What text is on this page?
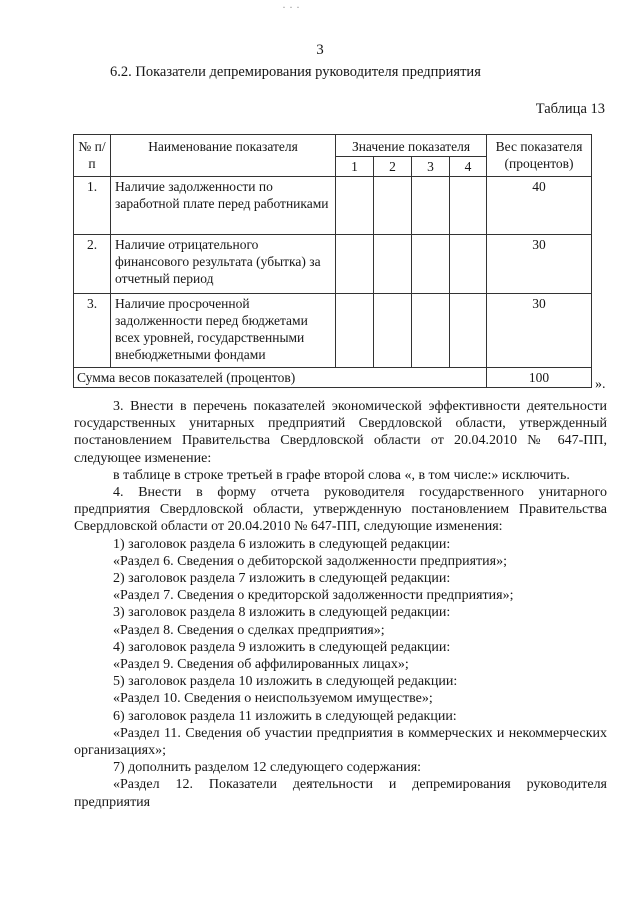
· · ·
3
6.2. Показатели депремирования руководителя предприятия
Таблица 13
№ п/п	Наименование показателя	Значение показателя				Вес показателя (процентов)
		1	2	3	4	
1.	Наличие задолженности по заработной плате перед работниками					40
2.	Наличие отрицательного финансового результата (убытка) за отчетный период					30
3.	Наличие просроченной задолженности перед бюджетами всех уровней, государственными внебюджетными фондами					30
Сумма весов показателей (процентов)						100	».

3. Внести в перечень показателей экономической эффективности деятельности государственных унитарных предприятий Свердловской области, утвержденный постановлением Правительства Свердловской области от 20.04.2010 № 647-ПП, следующее изменение:

в таблице в строке третьей в графе второй слова «, в том числе:» исключить.

4. Внести в форму отчета руководителя государственного унитарного предприятия Свердловской области, утвержденную постановлением Правительства Свердловской области от 20.04.2010 № 647-ПП, следующие изменения:

1) заголовок раздела 6 изложить в следующей редакции:

«Раздел 6. Сведения о дебиторской задолженности предприятия»;

2) заголовок раздела 7 изложить в следующей редакции:

«Раздел 7. Сведения о кредиторской задолженности предприятия»;

3) заголовок раздела 8 изложить в следующей редакции:

«Раздел 8. Сведения о сделках предприятия»;

4) заголовок раздела 9 изложить в следующей редакции:

«Раздел 9. Сведения об аффилированных лицах»;

5) заголовок раздела 10 изложить в следующей редакции:

«Раздел 10. Сведения о неиспользуемом имуществе»;

6) заголовок раздела 11 изложить в следующей редакции:

«Раздел 11. Сведения об участии предприятия в коммерческих и некоммерческих организациях»;

7) дополнить разделом 12 следующего содержания:

«Раздел 12. Показатели деятельности и депремирования руководителя предприятия
